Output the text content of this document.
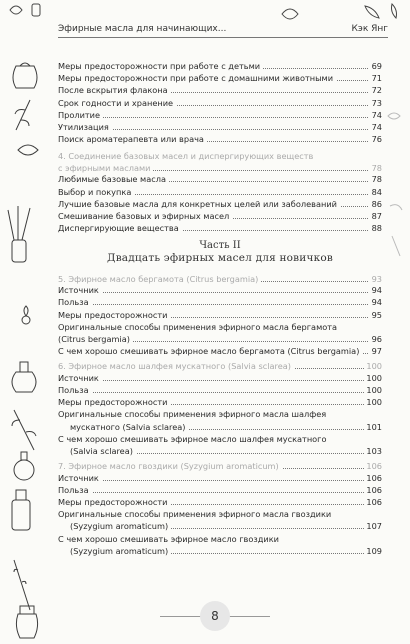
Эфирные масла для начинающих...	Кэк Янг
Меры предосторожности при работе с детьми	69
Меры предосторожности при работе с домашними животными	71
После вскрытия флакона	72
Срок годности и хранение	73
Пролитие	74
Утилизация	74
Поиск ароматерапевта или врача	76
4. Соединение базовых масел и диспергирующих веществ
с эфирными маслами	78
Любимые базовые масла	78
Выбор и покупка	84
Лучшие базовые масла для конкретных целей или заболеваний	86
Смешивание базовых и эфирных масел	87
Диспергирующие вещества	88
Часть II
Двадцать эфирных масел для новичков
5. Эфирное масло бергамота (Citrus bergamia)	93
Источник	94
Польза	94
Меры предосторожности	95
Оригинальные способы применения эфирного масла бергамота
(Citrus bergamia)	96
С чем хорошо смешивать эфирное масло бергамота (Citrus bergamia)	97
6. Эфирное масло шалфея мускатного (Salvia sclarea)	100
Источник	100
Польза	100
Меры предосторожности	100
Оригинальные способы применения эфирного масла шалфея
мускатного (Salvia sclarea)	101
С чем хорошо смешивать эфирное масло шалфея мускатного
(Salvia sclarea)	103
7. Эфирное масло гвоздики (Syzygium aromaticum)	106
Источник	106
Польза	106
Меры предосторожности	106
Оригинальные способы применения эфирного масла гвоздики
(Syzygium aromaticum)	107
С чем хорошо смешивать эфирное масло гвоздики
(Syzygium aromaticum)	109
8
